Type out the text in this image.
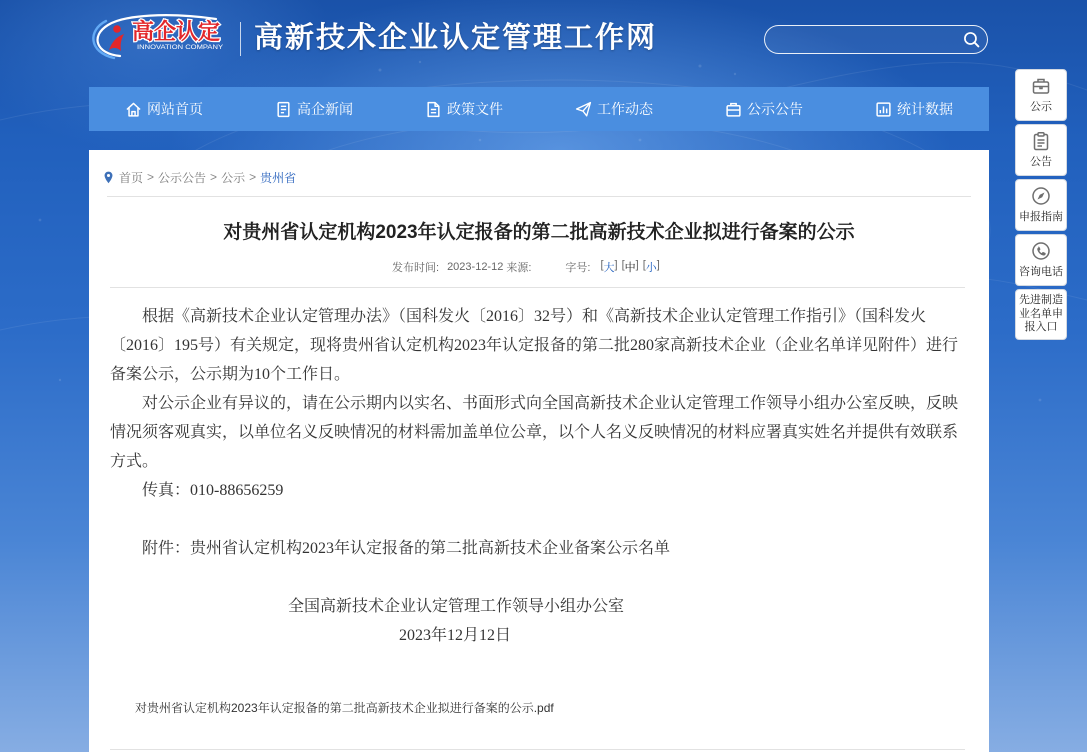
高企认定
INNOVATION COMPANY 高新技术企业认定管理工作网
网站首页	高企新闻	政策文件	工作动态	公示公告	统计数据	公示
公告
申报指南
咨询电话
先进制造
业名单申
报入口
首页 > 公示公告 > 公示 > 贵州省
对贵州省认定机构2023年认定报备的第二批高新技术企业拟进行备案的公示
发布时间: 2023-12-12 来源:	字号: [ 大 ] [ 中 ] [ 小 ]
根据《高新技术企业认定管理办法》（国科发火〔2016〕32号）和《高新技术企业认定管理工作指引》（国科发火
〔2016〕195号）有关规定，现将贵州省认定机构2023年认定报备的第二批280家高新技术企业（企业名单详见附件）进行
备案公示，公示期为10个工作日。
对公示企业有异议的，请在公示期内以实名、书面形式向全国高新技术企业认定管理工作领导小组办公室反映，反映
情况须客观真实，以单位名义反映情况的材料需加盖单位公章，以个人名义反映情况的材料应署真实姓名并提供有效联系
方式。
传真：010-88656259
附件：贵州省认定机构2023年认定报备的第二批高新技术企业备案公示名单
全国高新技术企业认定管理工作领导小组办公室
2023年12月12日
对贵州省认定机构2023年认定报备的第二批高新技术企业拟进行备案的公示.pdf
